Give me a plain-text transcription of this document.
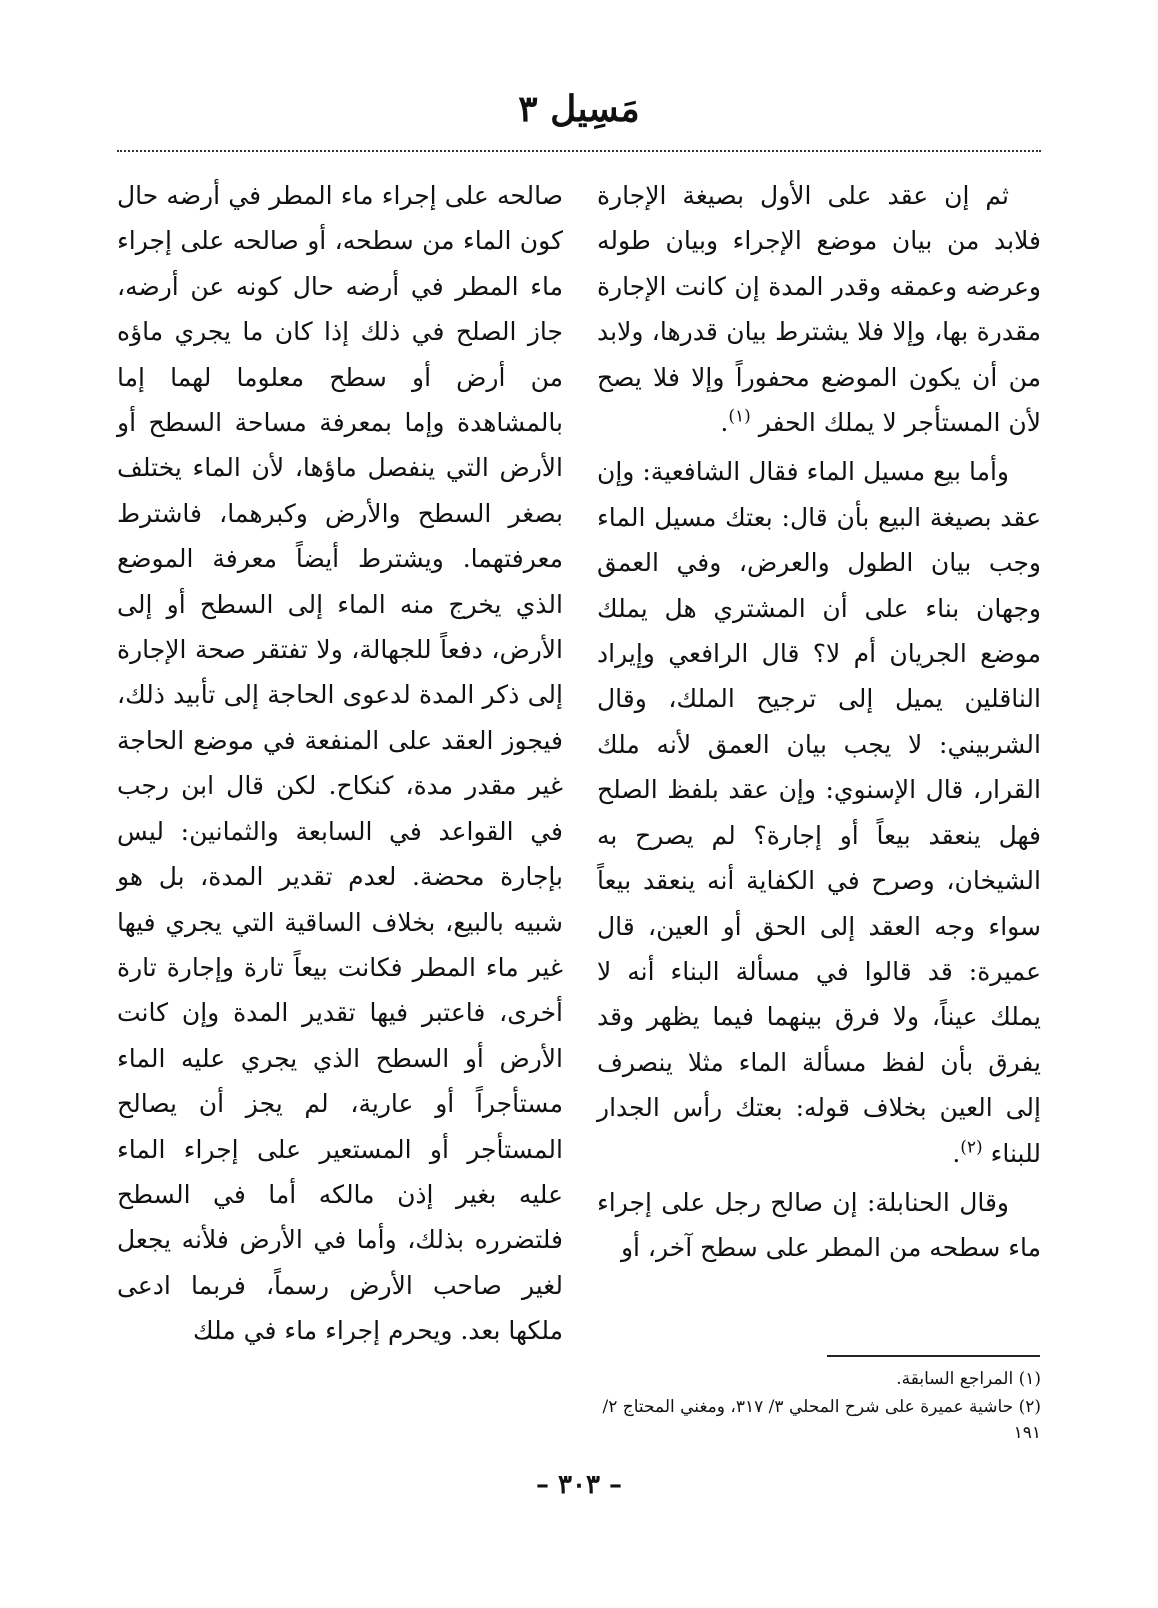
مَسِيل ٣

ثم إن عقد على الأول بصيغة الإجارة فلابد من بيان موضع الإجراء وبيان طوله وعرضه وعمقه وقدر المدة إن كانت الإجارة مقدرة بها، وإلا فلا يشترط بيان قدرها، ولابد من أن يكون الموضع محفوراً وإلا فلا يصح لأن المستأجر لا يملك الحفر $^{(١)}$.

وأما بيع مسيل الماء فقال الشافعية: وإن عقد بصيغة البيع بأن قال: بعتك مسيل الماء وجب بيان الطول والعرض، وفي العمق وجهان بناء على أن المشتري هل يملك موضع الجريان أم لا؟ قال الرافعي وإيراد الناقلين يميل إلى ترجيح الملك، وقال الشربيني: لا يجب بيان العمق لأنه ملك القرار، قال الإسنوي: وإن عقد بلفظ الصلح فهل ينعقد بيعاً أو إجارة؟ لم يصرح به الشيخان، وصرح في الكفاية أنه ينعقد بيعاً سواء وجه العقد إلى الحق أو العين، قال عميرة: قد قالوا في مسألة البناء أنه لا يملك عيناً، ولا فرق بينهما فيما يظهر وقد يفرق بأن لفظ مسألة الماء مثلا ينصرف إلى العين بخلاف قوله: بعتك رأس الجدار للبناء $^{(٢)}$.

وقال الحنابلة: إن صالح رجل على إجراء ماء سطحه من المطر على سطح آخر، أو

صالحه على إجراء ماء المطر في أرضه حال كون الماء من سطحه، أو صالحه على إجراء ماء المطر في أرضه حال كونه عن أرضه، جاز الصلح في ذلك إذا كان ما يجري ماؤه من أرض أو سطح معلوما لهما إما بالمشاهدة وإما بمعرفة مساحة السطح أو الأرض التي ينفصل ماؤها، لأن الماء يختلف بصغر السطح والأرض وكبرهما، فاشترط معرفتهما. ويشترط أيضاً معرفة الموضع الذي يخرج منه الماء إلى السطح أو إلى الأرض، دفعاً للجهالة، ولا تفتقر صحة الإجارة إلى ذكر المدة لدعوى الحاجة إلى تأبيد ذلك، فيجوز العقد على المنفعة في موضع الحاجة غير مقدر مدة، كنكاح. لكن قال ابن رجب في القواعد في السابعة والثمانين: ليس بإجارة محضة. لعدم تقدير المدة، بل هو شبيه بالبيع، بخلاف الساقية التي يجري فيها غير ماء المطر فكانت بيعاً تارة وإجارة تارة أخرى، فاعتبر فيها تقدير المدة وإن كانت الأرض أو السطح الذي يجري عليه الماء مستأجراً أو عارية، لم يجز أن يصالح المستأجر أو المستعير على إجراء الماء عليه بغير إذن مالكه أما في السطح فلتضرره بذلك، وأما في الأرض فلأنه يجعل لغير صاحب الأرض رسماً، فربما ادعى ملكها بعد. ويحرم إجراء ماء في ملك

(١) المراجع السابقة.

(٢) حاشية عميرة على شرح المحلي ٣/ ٣١٧، ومغني المحتاج ٢/ ١٩١

– ٣٠٣ –
